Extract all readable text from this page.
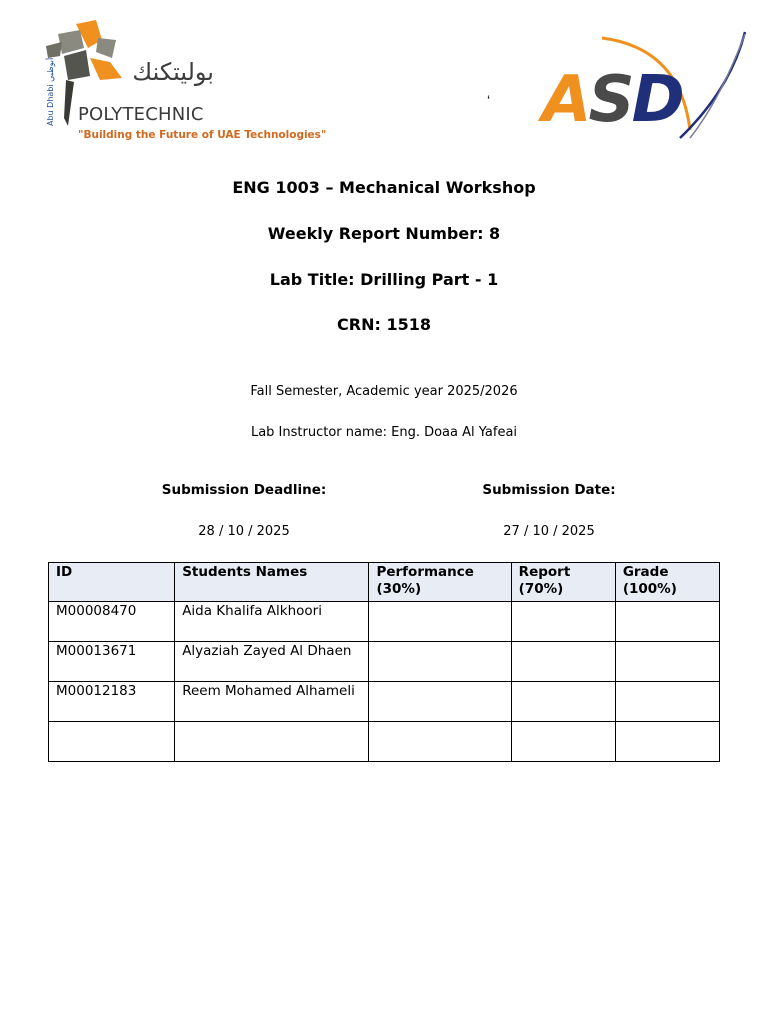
بوليتكنك
POLYTECHNIC
"Building the Future of UAE Technologies"
Abu Dhabi أبوظبي
‘ ASD
ENG 1003 – Mechanical Workshop
Weekly Report Number: 8
Lab Title: Drilling Part - 1
CRN: 1518
Fall Semester, Academic year 2025/2026
Lab Instructor name: Eng. Doaa Al Yafeai
Submission Deadline:
28 / 10 / 2025
Submission Date:
27 / 10 / 2025
ID	Students Names	Performance (30%)	Report (70%)	Grade (100%)
M00008470	Aida Khalifa Alkhoori			
M00013671	Alyaziah Zayed Al Dhaen			
M00012183	Reem Mohamed Alhameli			
